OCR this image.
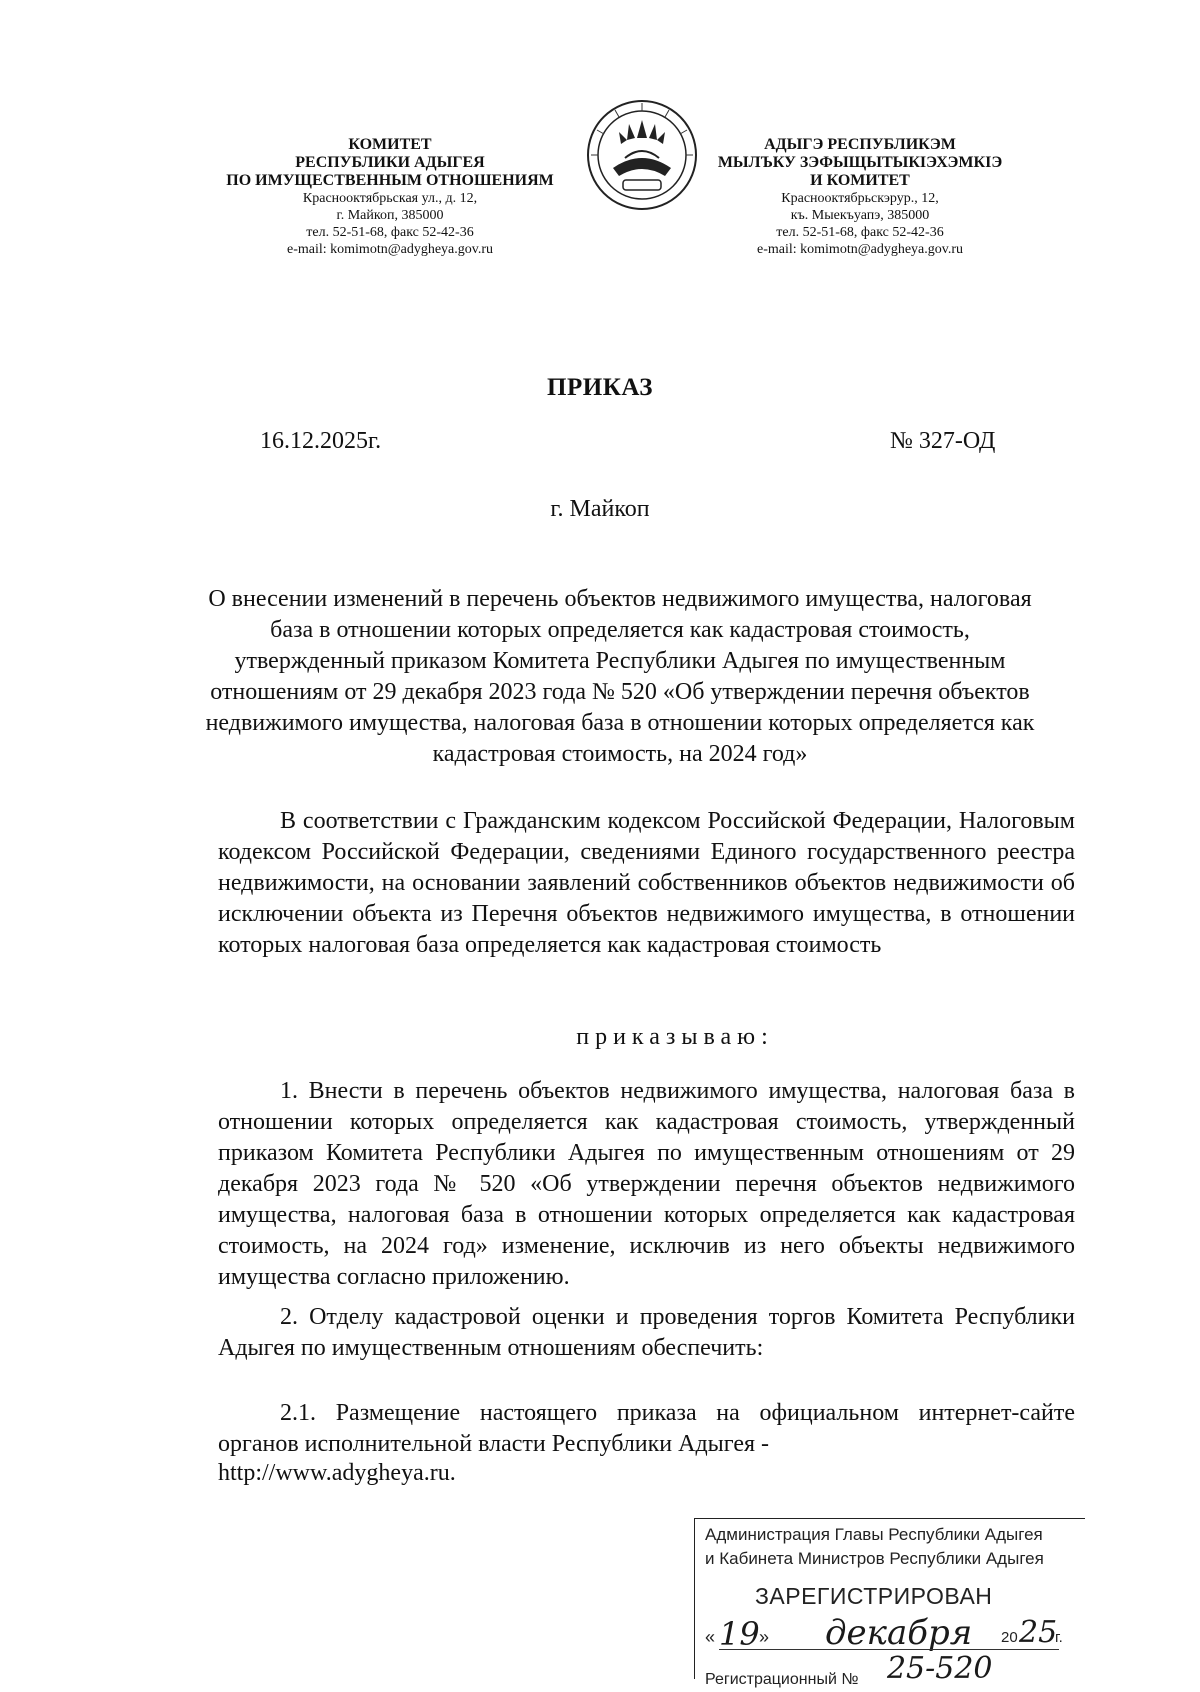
КОМИТЕТ
РЕСПУБЛИКИ АДЫГЕЯ
ПО ИМУЩЕСТВЕННЫМ ОТНОШЕНИЯМ
Краснооктябрьская ул., д. 12,
г. Майкоп, 385000
тел. 52-51-68, факс 52-42-36
e-mail: komimotn@adygheya.gov.ru
АДЫГЭ РЕСПУБЛИКЭМ
МЫЛЪКУ ЗЭФЫЩЫТЫКIЭХЭМКIЭ
И КОМИТЕТ
Краснооктябрьскэрур., 12,
къ. Мыекъуапэ, 385000
тел. 52-51-68, факс 52-42-36
e-mail: komimotn@adygheya.gov.ru
ПРИКАЗ
16.12.2025г.	№ 327-ОД
г. Майкоп
О внесении изменений в перечень объектов недвижимого имущества, налоговая база в отношении которых определяется как кадастровая стоимость, утвержденный приказом Комитета Республики Адыгея по имущественным отношениям от 29 декабря 2023 года № 520 «Об утверждении перечня объектов недвижимого имущества, налоговая база в отношении которых определяется как кадастровая стоимость, на 2024 год»
В соответствии с Гражданским кодексом Российской Федерации, Налоговым кодексом Российской Федерации, сведениями Единого государственного реестра недвижимости, на основании заявлений собственников объектов недвижимости об исключении объекта из Перечня объектов недвижимого имущества, в отношении которых налоговая база определяется как кадастровая стоимость
приказываю:
1. Внести в перечень объектов недвижимого имущества, налоговая база в отношении которых определяется как кадастровая стоимость, утвержденный приказом Комитета Республики Адыгея по имущественным отношениям от 29 декабря 2023 года № 520 «Об утверждении перечня объектов недвижимого имущества, налоговая база в отношении которых определяется как кадастровая стоимость, на 2024 год» изменение, исключив из него объекты недвижимого имущества согласно приложению.
2. Отделу кадастровой оценки и проведения торгов Комитета Республики Адыгея по имущественным отношениям обеспечить:
2.1. Размещение настоящего приказа на официальном интернет-сайте органов исполнительной власти Республики Адыгея -
http://www.adygheya.ru.
Администрация Главы Республики Адыгея
и Кабинета Министров Республики Адыгея
ЗАРЕГИСТРИРОВАН
« 19 » декабря 20 25
г.
Регистрационный № 25-520
